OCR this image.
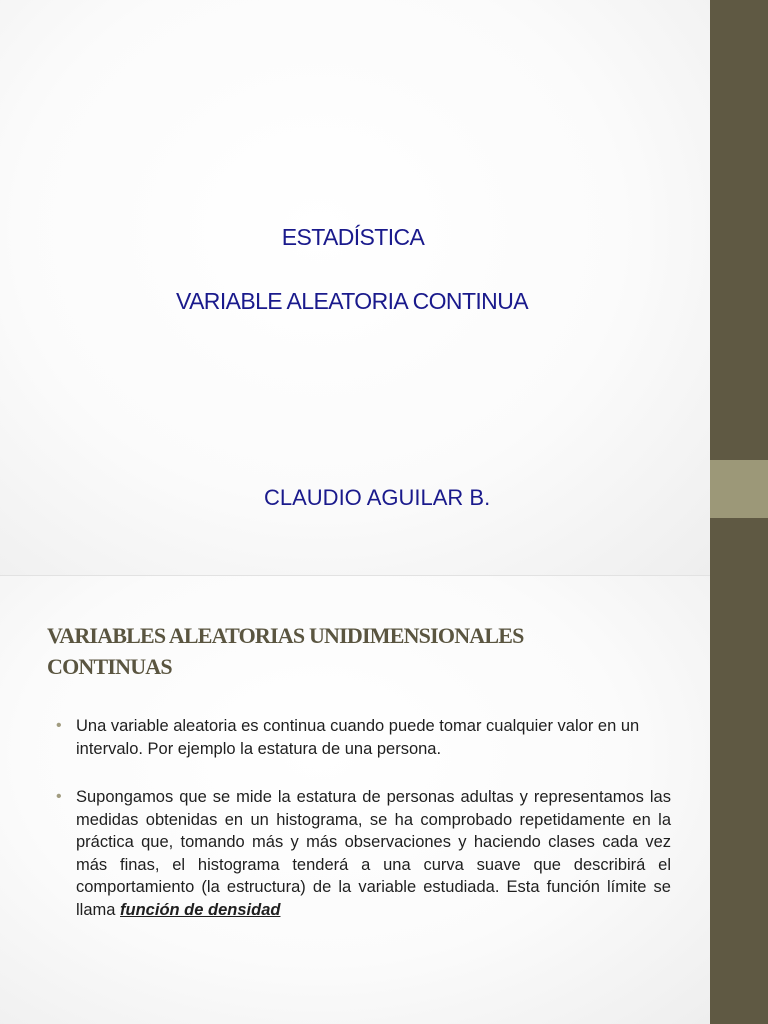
ESTADÍSTICA
VARIABLE ALEATORIA CONTINUA
CLAUDIO AGUILAR B.
VARIABLES ALEATORIAS UNIDIMENSIONALES CONTINUAS
• Una variable aleatoria es continua cuando puede tomar cualquier valor en un intervalo. Por ejemplo la estatura de una persona.
• Supongamos que se mide la estatura de personas adultas y representamos las medidas obtenidas en un histograma, se ha comprobado repetidamente en la práctica que, tomando más y más observaciones y haciendo clases cada vez más finas, el histograma tenderá a una curva suave que describirá el comportamiento (la estructura) de la variable estudiada. Esta función límite se llama función de densidad
